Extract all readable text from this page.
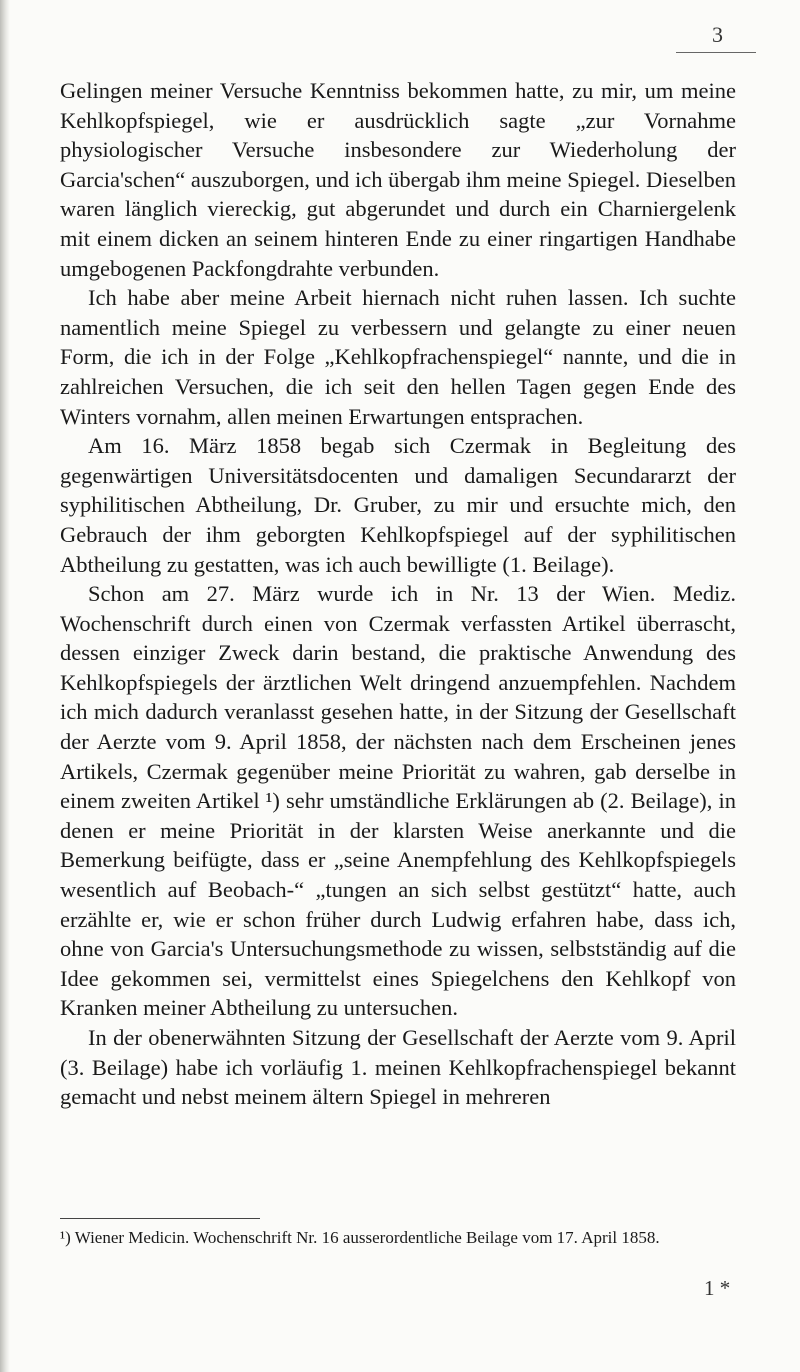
3

Gelingen meiner Versuche Kenntniss bekommen hatte, zu mir, um meine Kehlkopfspiegel, wie er ausdrücklich sagte „zur Vornahme physiologischer Versuche insbesondere zur Wiederholung der Garcia'schen“ auszuborgen, und ich übergab ihm meine Spiegel. Dieselben waren länglich viereckig, gut abgerundet und durch ein Charniergelenk mit einem dicken an seinem hinteren Ende zu einer ringartigen Handhabe umgebogenen Packfongdrahte verbunden.

Ich habe aber meine Arbeit hiernach nicht ruhen lassen. Ich suchte namentlich meine Spiegel zu verbessern und gelangte zu einer neuen Form, die ich in der Folge „Kehlkopfrachenspiegel“ nannte, und die in zahlreichen Versuchen, die ich seit den hellen Tagen gegen Ende des Winters vornahm, allen meinen Erwartungen entsprachen.

Am 16. März 1858 begab sich Czermak in Begleitung des gegenwärtigen Universitätsdocenten und damaligen Secundararzt der syphilitischen Abtheilung, Dr. Gruber, zu mir und ersuchte mich, den Gebrauch der ihm geborgten Kehlkopfspiegel auf der syphilitischen Abtheilung zu gestatten, was ich auch bewilligte (1. Beilage).

Schon am 27. März wurde ich in Nr. 13 der Wien. Mediz. Wochenschrift durch einen von Czermak verfassten Artikel überrascht, dessen einziger Zweck darin bestand, die praktische Anwendung des Kehlkopfspiegels der ärztlichen Welt dringend anzuempfehlen. Nachdem ich mich dadurch veranlasst gesehen hatte, in der Sitzung der Gesellschaft der Aerzte vom 9. April 1858, der nächsten nach dem Erscheinen jenes Artikels, Czermak gegenüber meine Priorität zu wahren, gab derselbe in einem zweiten Artikel ¹) sehr umständliche Erklärungen ab (2. Beilage), in denen er meine Priorität in der klarsten Weise anerkannte und die Bemerkung beifügte, dass er „seine Anempfehlung des Kehlkopfspiegels wesentlich auf Beobach-“ „tungen an sich selbst gestützt“ hatte, auch erzählte er, wie er schon früher durch Ludwig erfahren habe, dass ich, ohne von Garcia's Untersuchungsmethode zu wissen, selbstständig auf die Idee gekommen sei, vermittelst eines Spiegelchens den Kehlkopf von Kranken meiner Abtheilung zu untersuchen.

In der obenerwähnten Sitzung der Gesellschaft der Aerzte vom 9. April (3. Beilage) habe ich vorläufig 1. meinen Kehlkopfrachenspiegel bekannt gemacht und nebst meinem ältern Spiegel in mehreren

¹) Wiener Medicin. Wochenschrift Nr. 16 ausserordentliche Beilage vom 17. April 1858.
1 *
